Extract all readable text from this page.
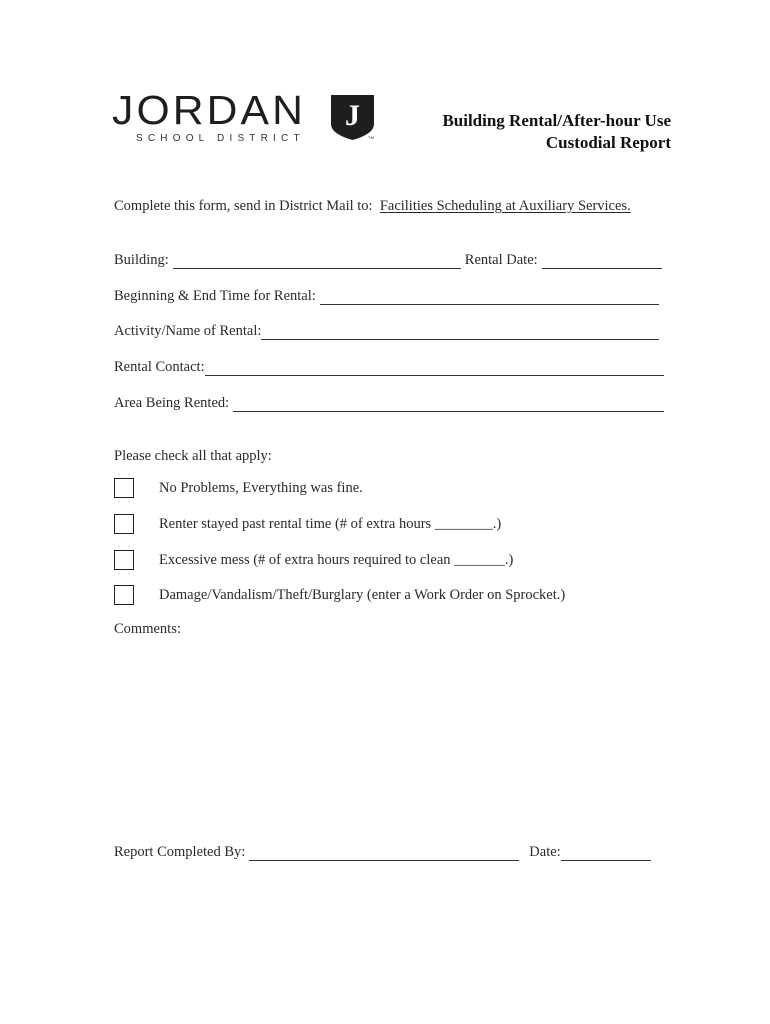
JORDAN
SCHOOL DISTRICT
J
TM
Building Rental/After-hour Use
Custodial Report
Complete this form, send in District Mail to: Facilities Scheduling at Auxiliary Services.
Building:	Rental Date:
Beginning & End Time for Rental:
Activity/Name of Rental:
Rental Contact:
Area Being Rented:
Please check all that apply:
No Problems, Everything was fine.
Renter stayed past rental time (# of extra hours ________.)
Excessive mess (# of extra hours required to clean _______.)
Damage/Vandalism/Theft/Burglary (enter a Work Order on Sprocket.)
Comments:
Report Completed By:	Date:
